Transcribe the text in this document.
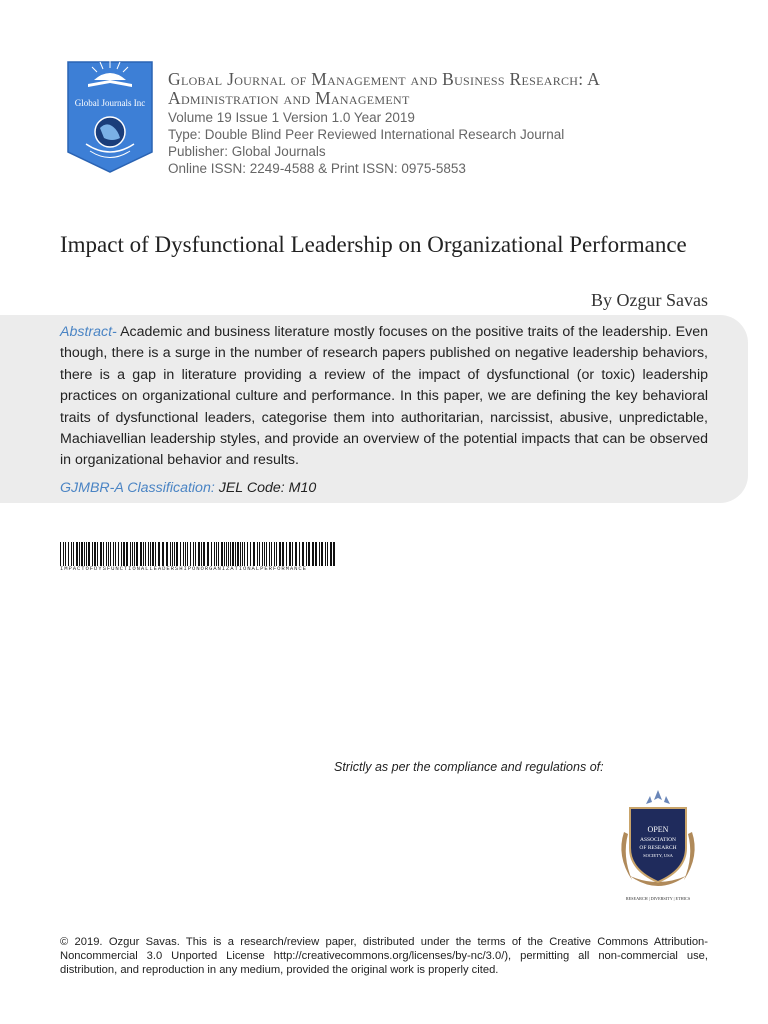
Global Journals Inc
Global Journal of Management and Business Research: A Administration and Management
Volume 19 Issue 1 Version 1.0 Year 2019
Type: Double Blind Peer Reviewed International Research Journal
Publisher: Global Journals
Online ISSN: 2249-4588 & Print ISSN: 0975-5853
Impact of Dysfunctional Leadership on Organizational Performance
By Ozgur Savas
Abstract- Academic and business literature mostly focuses on the positive traits of the leadership. Even though, there is a surge in the number of research papers published on negative leadership behaviors, there is a gap in literature providing a review of the impact of dysfunctional (or toxic) leadership practices on organizational culture and performance. In this paper, we are defining the key behavioral traits of dysfunctional leaders, categorise them into authoritarian, narcissist, abusive, unpredictable, Machiavellian leadership styles, and provide an overview of the potential impacts that can be observed in organizational behavior and results.
GJMBR-A Classification: JEL Code: M10
IMPACTOFDYSFUNCTIONALLEADERSHIPONORGANIZATIONALPERFORMANCE
Strictly as per the compliance and regulations of:
OPEN
ASSOCIATION
OF RESEARCH
SOCIETY, USA
RESEARCH | DIVERSITY | ETHICS
© 2019. Ozgur Savas. This is a research/review paper, distributed under the terms of the Creative Commons Attribution-Noncommercial 3.0 Unported License http://creativecommons.org/licenses/by-nc/3.0/), permitting all non-commercial use, distribution, and reproduction in any medium, provided the original work is properly cited.
